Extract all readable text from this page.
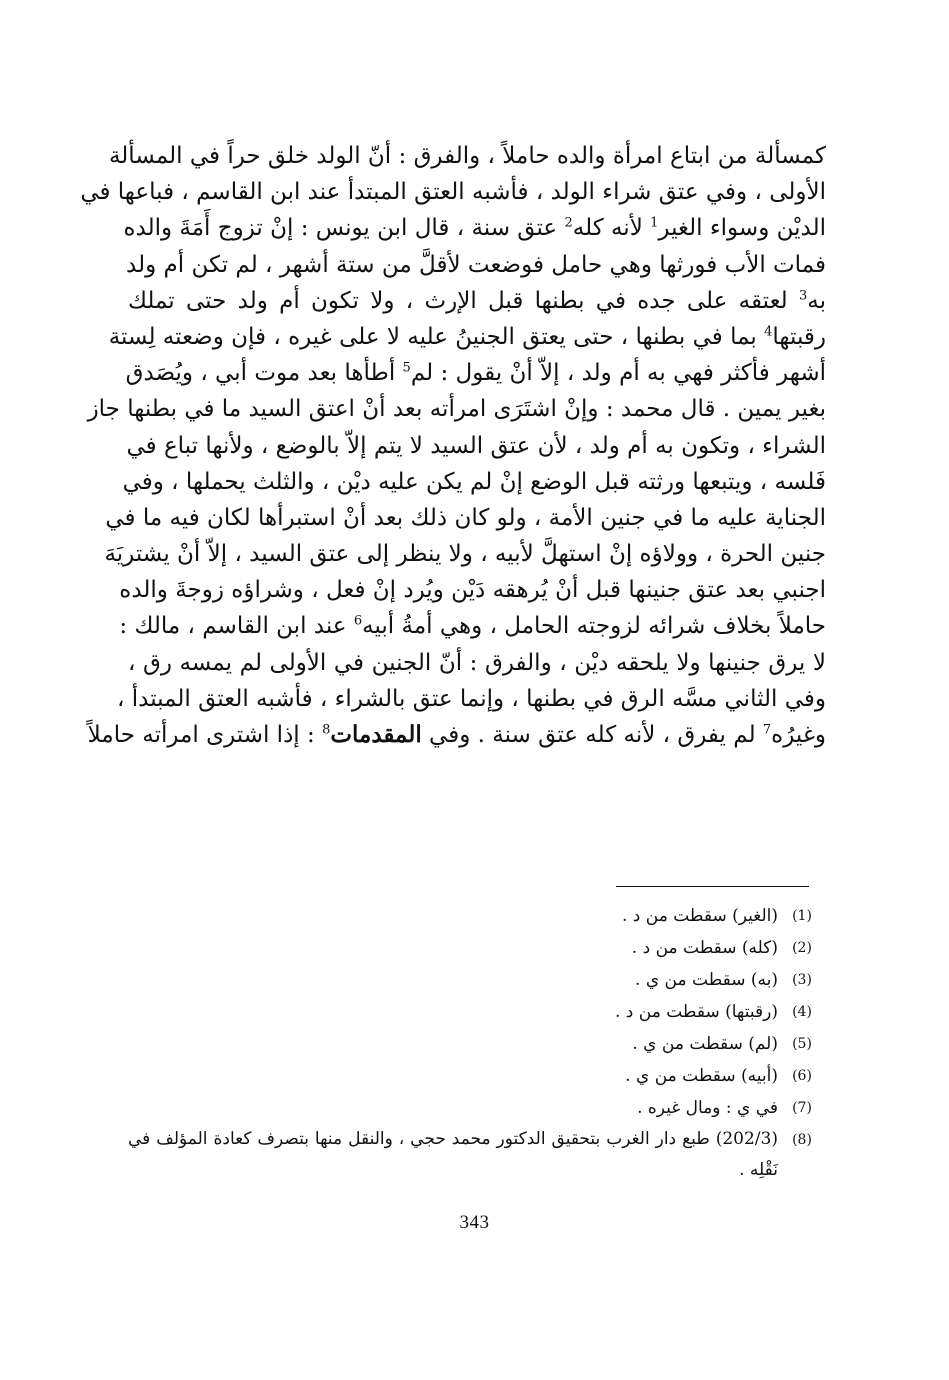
كمسألة من ابتاع امرأة والده حاملاً ، والفرق : أنّ الولد خلق حراً في المسألة
الأولى ، وفي عتق شراء الولد ، فأشبه العتق المبتدأ عند ابن القاسم ، فباعها في
الديْن وسواء الغير$^1$ لأنه كله$^2$ عتق سنة ، قال ابن يونس : إنْ تزوج أَمَةَ والده
فمات الأب فورثها وهي حامل فوضعت لأقلَّ من ستة أشهر ، لم تكن أم ولد
به$^3$ لعتقه على جده في بطنها قبل الإرث ، ولا تكون أم ولد حتى تملك
رقبتها$^4$ بما في بطنها ، حتى يعتق الجنينُ عليه لا على غيره ، فإن وضعته لِستة
أشهر فأكثر فهي به أم ولد ، إلاّ أنْ يقول : لم$^5$ أطأها بعد موت أبي ، ويُصَدق
بغير يمين . قال محمد : وإنْ اشتَرَى امرأته بعد أنْ اعتق السيد ما في بطنها جاز
الشراء ، وتكون به أم ولد ، لأن عتق السيد لا يتم إلاّ بالوضع ، ولأنها تباع في
فَلسه ، ويتبعها ورثته قبل الوضع إنْ لم يكن عليه ديْن ، والثلث يحملها ، وفي
الجناية عليه ما في جنين الأمة ، ولو كان ذلك بعد أنْ استبرأها لكان فيه ما في
جنين الحرة ، وولاؤه إنْ استهلَّ لأبيه ، ولا ينظر إلى عتق السيد ، إلاّ أنْ يشتريَهَ
اجنبي بعد عتق جنينها قبل أنْ يُرهقه دَيْن ويُرد إنْ فعل ، وشراؤه زوجةَ والده
حاملاً بخلاف شرائه لزوجته الحامل ، وهي أمةُ أبيه$^6$ عند ابن القاسم ، مالك :
لا يرق جنينها ولا يلحقه ديْن ، والفرق : أنّ الجنين في الأولى لم يمسه رق ،
وفي الثاني مسَّه الرق في بطنها ، وإنما عتق بالشراء ، فأشبه العتق المبتدأ ،
وغيرُه$^7$ لم يفرق ، لأنه كله عتق سنة . وفي المقدمات$^8$ : إذا اشترى امرأته حاملاً
(1)
(الغير) سقطت من د .
(2)
(كله) سقطت من د .
(3)
(به) سقطت من ي .
(4)
(رقبتها) سقطت من د .
(5)
(لم) سقطت من ي .
(6)
(أبيه) سقطت من ي .
(7)
في ي : ومال غيره .
(8)
(202/3) طبع دار الغرب بتحقيق الدكتور محمد حجي ، والنقل منها بتصرف كعادة المؤلف في نَقْلِه .
343
